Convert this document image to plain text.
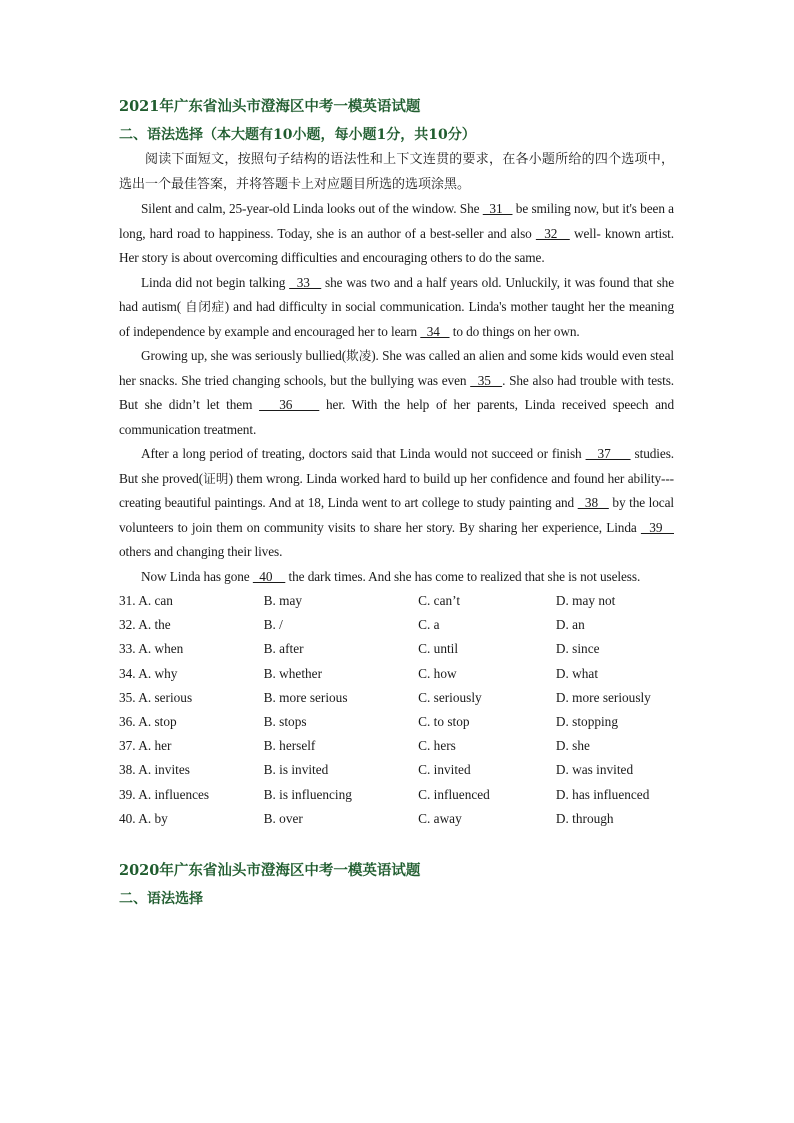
2021年广东省汕头市澄海区中考一模英语试题
二、语法选择（本大题有10小题，每小题1分，共10分）

阅读下面短文，按照句子结构的语法性和上下文连贯的要求，在各小题所给的四个选项中，选出一个最佳答案，并将答题卡上对应题目所选的选项涂黑。

Silent and calm, 25-year-old Linda looks out of the window. She   31    be smiling now, but it's been a long, hard road to happiness. Today, she is an author of a best-seller and also   32    well- known artist. Her story is about overcoming difficulties and encouraging others to do the same.

Linda did not begin talking   33    she was two and a half years old. Unluckily, it was found that she had autism( 自闭症) and had difficulty in social communication. Linda's mother taught her the meaning of independence by example and encouraged her to learn   34    to do things on her own.

Growing up, she was seriously bullied(欺凌). She was called an alien and some kids would even steal her snacks. She tried changing schools, but the bullying was even   35   . She also had trouble with tests. But she didn’t let them    36     her. With the help of her parents, Linda received speech and communication treatment.

After a long period of treating, doctors said that Linda would not succeed or finish    37      studies. But she proved(证明) them wrong. Linda worked hard to build up her confidence and found her ability--- creating beautiful paintings. And at 18, Linda went to art college to study painting and   38    by the local volunteers to join them on community visits to share her story. By sharing her experience, Linda   39    others and changing their lives.

Now Linda has gone   40     the dark times. And she has come to realized that she is not useless.

31. A. can	B. may	C. can’t	D. may not
32. A. the	B. /	C. a	D. an
33. A. when	B. after	C. until	D. since
34. A. why	B. whether	C. how	D. what
35. A. serious	B. more serious	C. seriously	D. more seriously
36. A. stop	B. stops	C. to stop	D. stopping
37. A. her	B. herself	C. hers	D. she
38. A. invites	B. is invited	C. invited	D. was invited
39. A. influences	B. is influencing	C. influenced	D. has influenced
40. A. by	B. over	C. away	D. through
2020年广东省汕头市澄海区中考一模英语试题
二、语法选择
